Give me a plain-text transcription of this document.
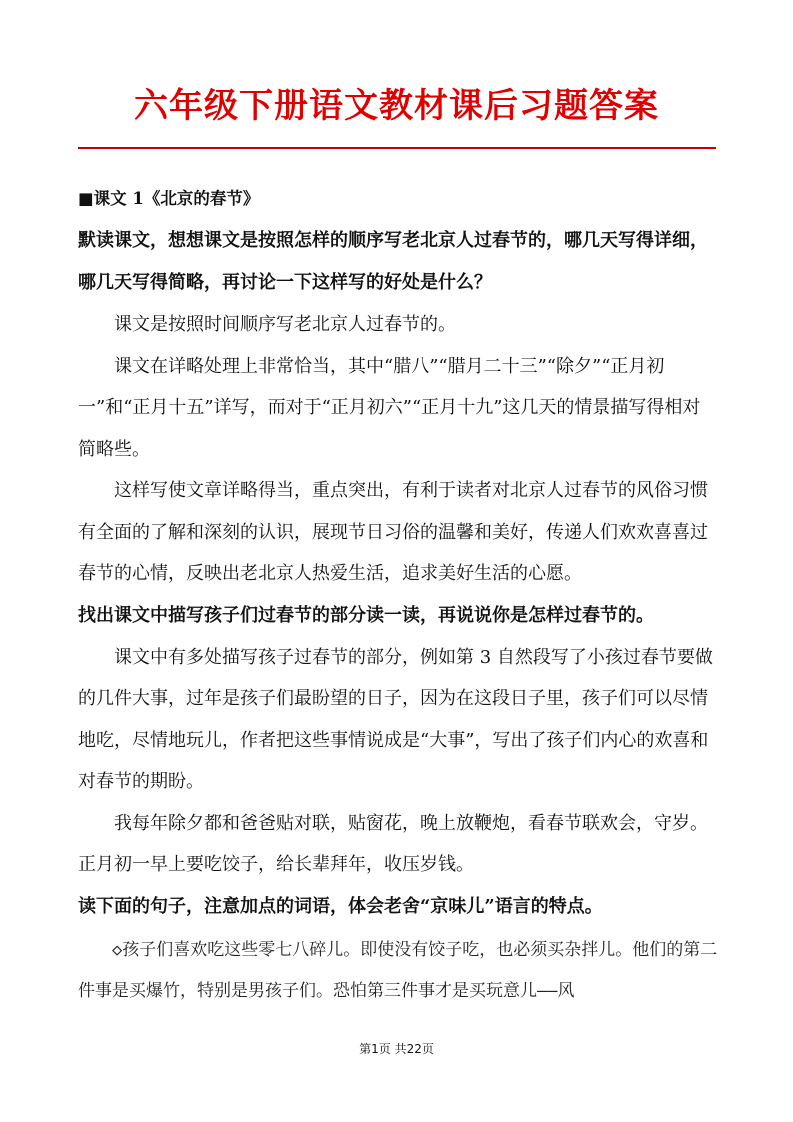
六年级下册语文教材课后习题答案

■课文 1《北京的春节》

默读课文，想想课文是按照怎样的顺序写老北京人过春节的，哪几天写得详细，哪几天写得简略，再讨论一下这样写的好处是什么？

课文是按照时间顺序写老北京人过春节的。

课文在详略处理上非常恰当，其中“腊八”“腊月二十三”“除夕”“正月初一”和“正月十五”详写，而对于“正月初六”“正月十九”这几天的情景描写得相对简略些。

这样写使文章详略得当，重点突出，有利于读者对北京人过春节的风俗习惯有全面的了解和深刻的认识，展现节日习俗的温馨和美好，传递人们欢欢喜喜过春节的心情，反映出老北京人热爱生活，追求美好生活的心愿。

找出课文中描写孩子们过春节的部分读一读，再说说你是怎样过春节的。

课文中有多处描写孩子过春节的部分，例如第 3 自然段写了小孩过春节要做的几件大事，过年是孩子们最盼望的日子，因为在这段日子里，孩子们可以尽情地吃，尽情地玩儿，作者把这些事情说成是“大事”，写出了孩子们内心的欢喜和对春节的期盼。

我每年除夕都和爸爸贴对联，贴窗花，晚上放鞭炮，看春节联欢会，守岁。正月初一早上要吃饺子，给长辈拜年，收压岁钱。

读下面的句子，注意加点的词语，体会老舍“京味儿”语言的特点。

◇孩子们喜欢吃这些零七八碎儿。即使没有饺子吃，也必须买杂拌儿。他们的第二件事是买爆竹，特别是男孩子们。恐怕第三件事才是买玩意儿——风

第1页 共22页
